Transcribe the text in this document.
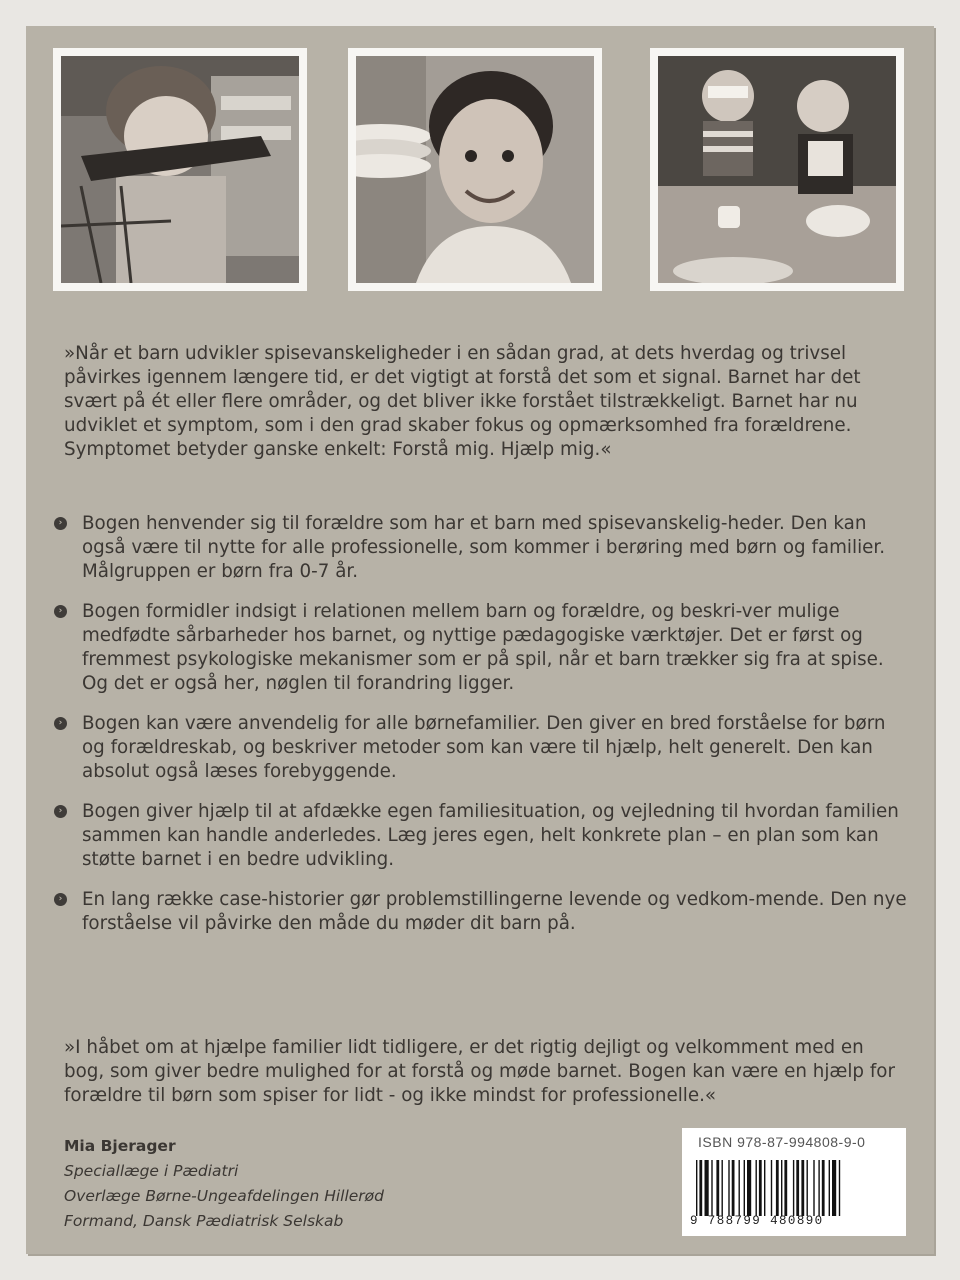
»Når et barn udvikler spisevanskeligheder i en sådan grad, at dets hverdag og trivsel påvirkes igennem længere tid, er det vigtigt at forstå det som et signal. Barnet har det svært på ét eller flere områder, og det bliver ikke forstået tilstrækkeligt. Barnet har nu udviklet et symptom, som i den grad skaber fokus og opmærksomhed fra forældrene. Symptomet betyder ganske enkelt: Forstå mig. Hjælp mig.«

› Bogen henvender sig til forældre som har et barn med spisevanskelig-heder. Den kan også være til nytte for alle professionelle, som kommer i berøring med børn og familier. Målgruppen er børn fra 0-7 år.

› Bogen formidler indsigt i relationen mellem barn og forældre, og beskri-ver mulige medfødte sårbarheder hos barnet, og nyttige pædagogiske værktøjer. Det er først og fremmest psykologiske mekanismer som er på spil, når et barn trækker sig fra at spise. Og det er også her, nøglen til forandring ligger.

› Bogen kan være anvendelig for alle børnefamilier. Den giver en bred forståelse for børn og forældreskab, og beskriver metoder som kan være til hjælp, helt generelt. Den kan absolut også læses forebyggende.

› Bogen giver hjælp til at afdække egen familiesituation, og vejledning til hvordan familien sammen kan handle anderledes. Læg jeres egen, helt konkrete plan – en plan som kan støtte barnet i en bedre udvikling.

› En lang række case-historier gør problemstillingerne levende og vedkom-mende. Den nye forståelse vil påvirke den måde du møder dit barn på.

»I håbet om at hjælpe familier lidt tidligere, er det rigtig dejligt og velkomment med en bog, som giver bedre mulighed for at forstå og møde barnet. Bogen kan være en hjælp for forældre til børn som spiser for lidt - og ikke mindst for professionelle.«

Mia Bjerager
Speciallæge i Pædiatri
Overlæge Børne-Ungeafdelingen Hillerød
Formand, Dansk Pædiatrisk Selskab
ISBN 978-87-994808-9-0
9 788799 480890
